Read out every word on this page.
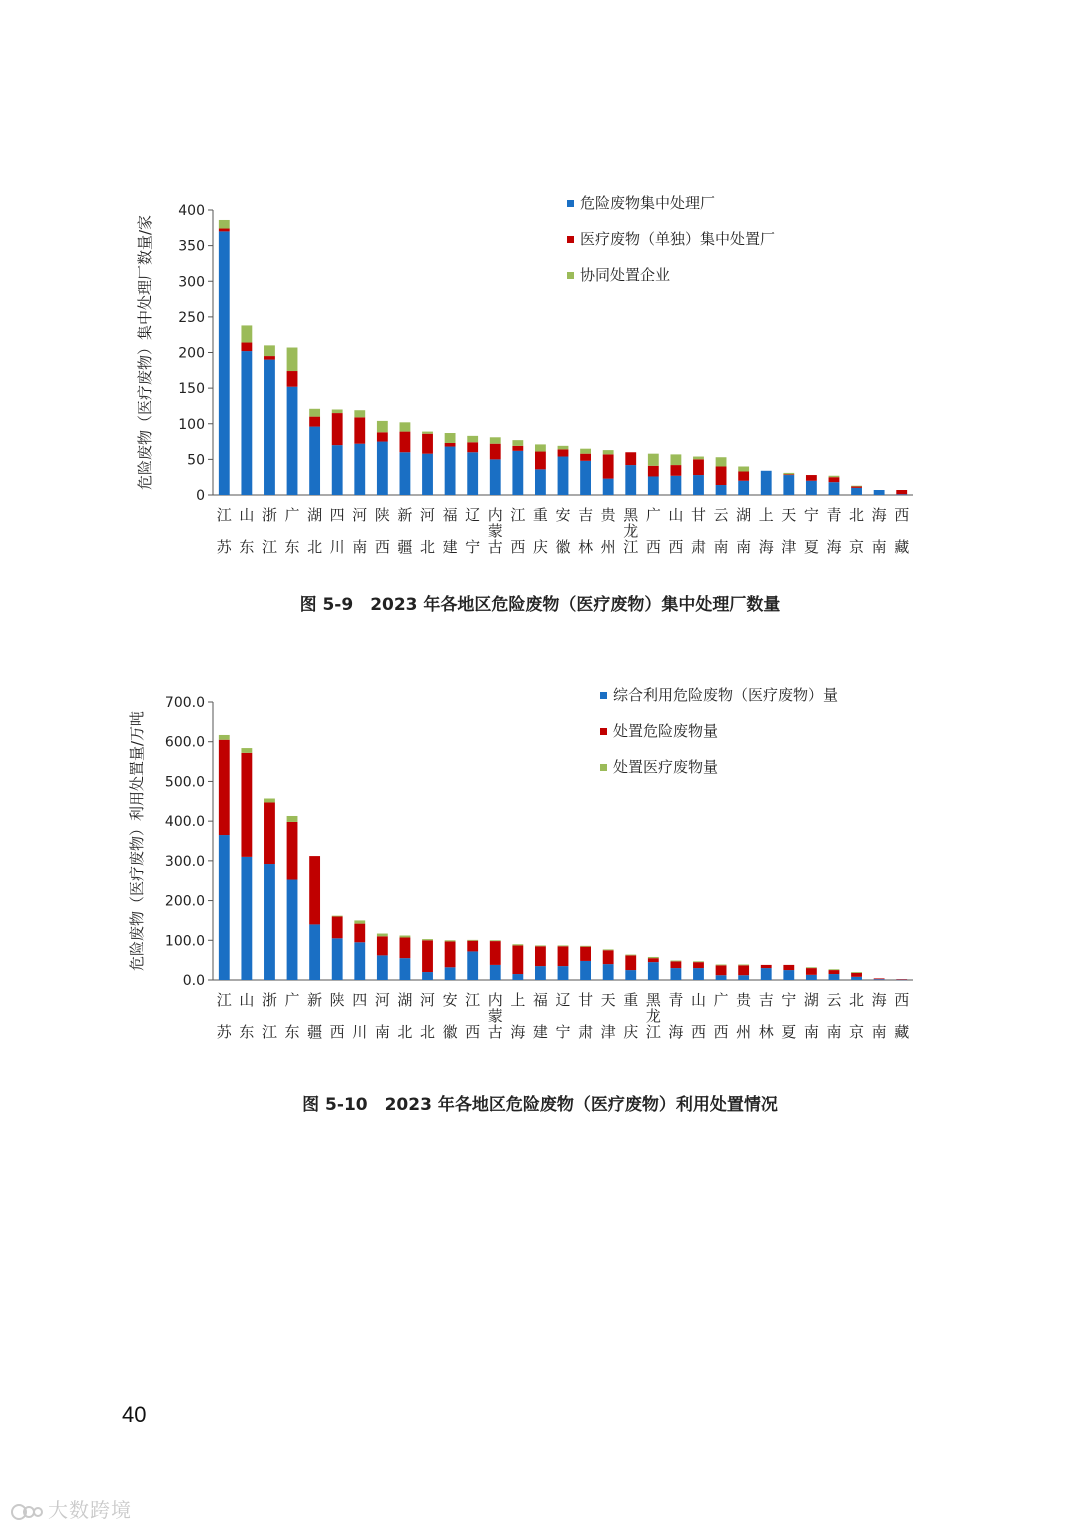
0
50
100
150
200
250
300
350
400
危险废物（医疗废物）集中处理厂数量/家
江
苏
山
东
浙
江
广
东
湖
北
四
川
河
南
陕
西
新
疆
河
北
福
建
辽
宁
内
蒙
古
江
西
重
庆
安
徽
吉
林
贵
州
黑
龙
江
广
西
山
西
甘
肃
云
南
湖
南
上
海
天
津
宁
夏
青
海
北
京
海
南
西
藏
危险废物集中处理厂
医疗废物（单独）集中处置厂
协同处置企业
图 5-9　2023 年各地区危险废物（医疗废物）集中处理厂数量
0.0
100.0
200.0
300.0
400.0
500.0
600.0
700.0
危险废物（医疗废物）利用处置量/万吨
江
苏
山
东
浙
江
广
东
新
疆
陕
西
四
川
河
南
湖
北
河
北
安
徽
江
西
内
蒙
古
上
海
福
建
辽
宁
甘
肃
天
津
重
庆
黑
龙
江
青
海
山
西
广
西
贵
州
吉
林
宁
夏
湖
南
云
南
北
京
海
南
西
藏
综合利用危险废物（医疗废物）量
处置危险废物量
处置医疗废物量
图 5-10　2023 年各地区危险废物（医疗废物）利用处置情况
40
大数跨境
